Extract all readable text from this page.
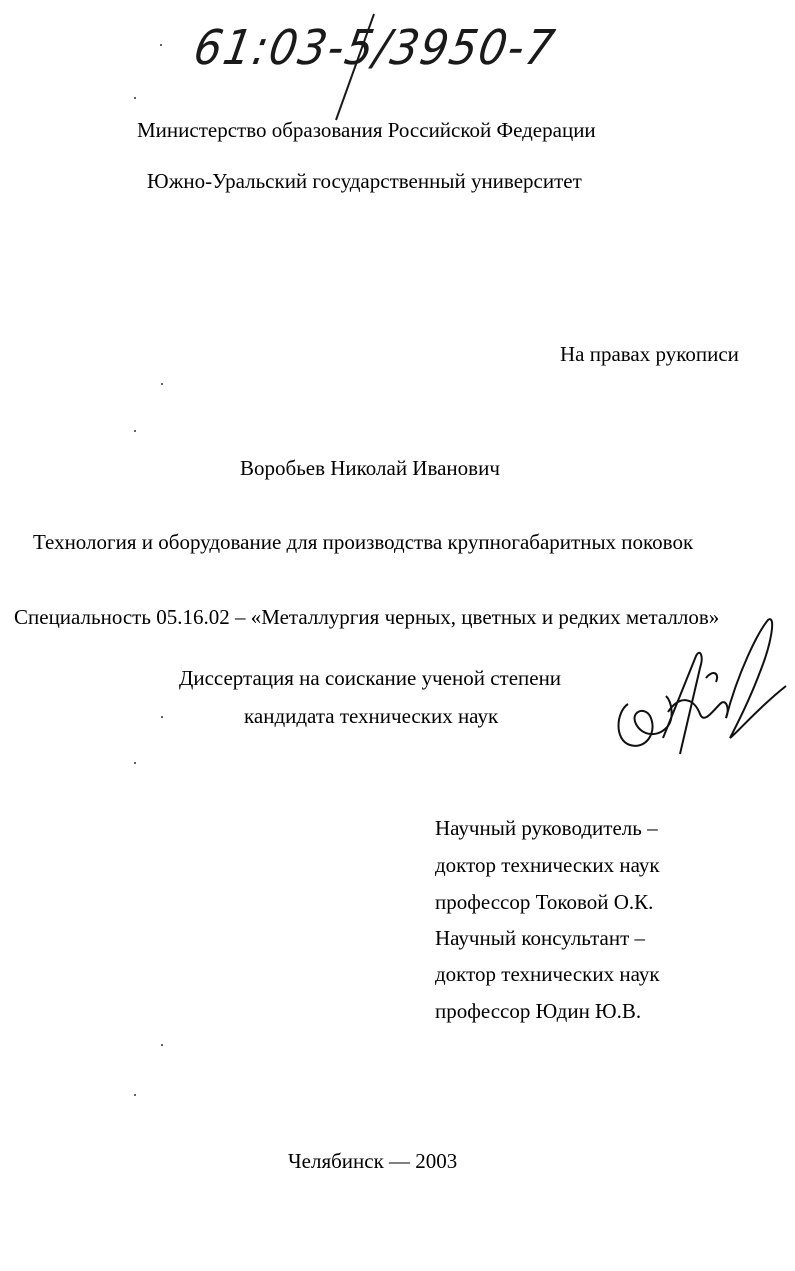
61:03-5/3950-7
Министерство образования Российской Федерации
Южно-Уральский государственный университет
На правах рукописи
Воробьев Николай Иванович
Технология и оборудование для производства крупногабаритных поковок
Специальность 05.16.02 – «Металлургия черных, цветных и редких металлов»
Диссертация на соискание ученой степени
кандидата технических наук
Научный руководитель –
доктор технических наук
профессор Токовой О.К.
Научный консультант –
доктор технических наук
профессор Юдин Ю.В.
Челябинск — 2003
